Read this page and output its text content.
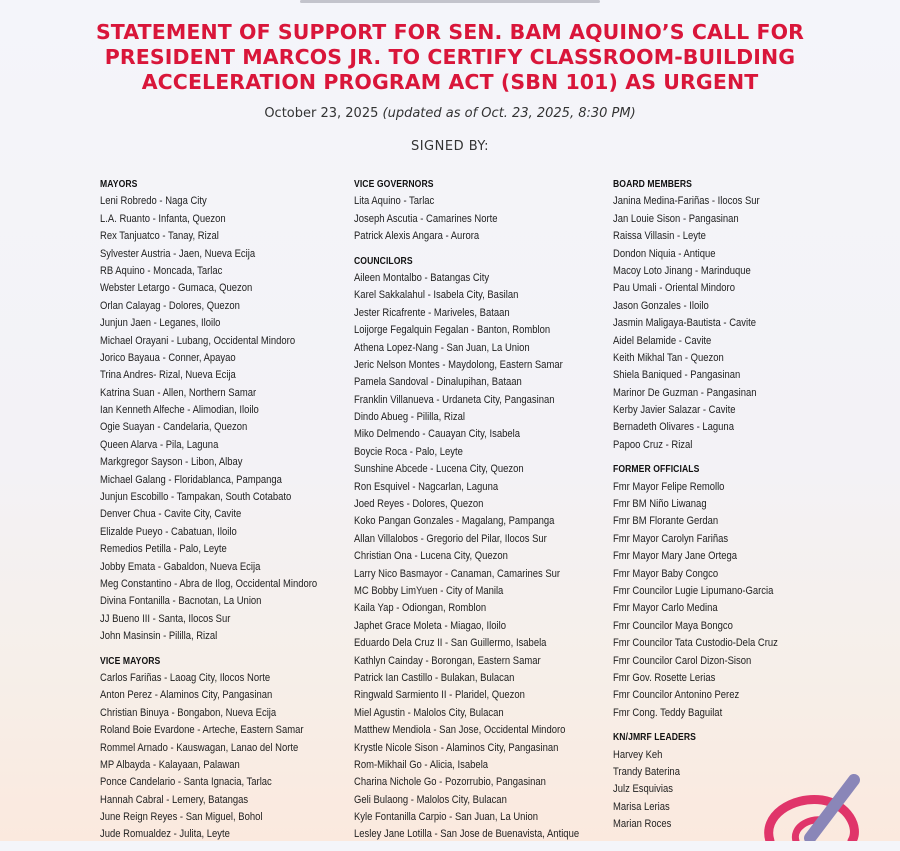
STATEMENT OF SUPPORT FOR SEN. BAM AQUINO’S CALL FOR
PRESIDENT MARCOS JR. TO CERTIFY CLASSROOM-BUILDING
ACCELERATION PROGRAM ACT (SBN 101) AS URGENT
October 23, 2025 (updated as of Oct. 23, 2025, 8:30 PM)
SIGNED BY:
MAYORS
Leni Robredo - Naga City
L.A. Ruanto - Infanta, Quezon
Rex Tanjuatco - Tanay, Rizal
Sylvester Austria - Jaen, Nueva Ecija
RB Aquino - Moncada, Tarlac
Webster Letargo - Gumaca, Quezon
Orlan Calayag - Dolores, Quezon
Junjun Jaen - Leganes, Iloilo
Michael Orayani - Lubang, Occidental Mindoro
Jorico Bayaua - Conner, Apayao
Trina Andres- Rizal, Nueva Ecija
Katrina Suan - Allen, Northern Samar
Ian Kenneth Alfeche - Alimodian, Iloilo
Ogie Suayan - Candelaria, Quezon
Queen Alarva - Pila, Laguna
Markgregor Sayson - Libon, Albay
Michael Galang - Floridablanca, Pampanga
Junjun Escobillo - Tampakan, South Cotabato
Denver Chua - Cavite City, Cavite
Elizalde Pueyo - Cabatuan, Iloilo
Remedios Petilla - Palo, Leyte
Jobby Emata - Gabaldon, Nueva Ecija
Meg Constantino - Abra de Ilog, Occidental Mindoro
Divina Fontanilla - Bacnotan, La Union
JJ Bueno III - Santa, Ilocos Sur
John Masinsin - Pililla, Rizal
VICE MAYORS
Carlos Fariñas - Laoag City, Ilocos Norte
Anton Perez - Alaminos City, Pangasinan
Christian Binuya - Bongabon, Nueva Ecija
Roland Boie Evardone - Arteche, Eastern Samar
Rommel Arnado - Kauswagan, Lanao del Norte
MP Albayda - Kalayaan, Palawan
Ponce Candelario - Santa Ignacia, Tarlac
Hannah Cabral - Lemery, Batangas
June Reign Reyes - San Miguel, Bohol
Jude Romualdez - Julita, Leyte
VICE GOVERNORS
Lita Aquino - Tarlac
Joseph Ascutia - Camarines Norte
Patrick Alexis Angara - Aurora
COUNCILORS
Aileen Montalbo - Batangas City
Karel Sakkalahul - Isabela City, Basilan
Jester Ricafrente - Mariveles, Bataan
Loijorge Fegalquin Fegalan - Banton, Romblon
Athena Lopez-Nang - San Juan, La Union
Jeric Nelson Montes - Maydolong, Eastern Samar
Pamela Sandoval - Dinalupihan, Bataan
Franklin Villanueva - Urdaneta City, Pangasinan
Dindo Abueg - Pililla, Rizal
Miko Delmendo - Cauayan City, Isabela
Boycie Roca - Palo, Leyte
Sunshine Abcede - Lucena City, Quezon
Ron Esquivel - Nagcarlan, Laguna
Joed Reyes - Dolores, Quezon
Koko Pangan Gonzales - Magalang, Pampanga
Allan Villalobos - Gregorio del Pilar, Ilocos Sur
Christian Ona - Lucena City, Quezon
Larry Nico Basmayor - Canaman, Camarines Sur
MC Bobby LimYuen - City of Manila
Kaila Yap - Odiongan, Romblon
Japhet Grace Moleta - Miagao, Iloilo
Eduardo Dela Cruz II - San Guillermo, Isabela
Kathlyn Cainday - Borongan, Eastern Samar
Patrick Ian Castillo - Bulakan, Bulacan
Ringwald Sarmiento II - Plaridel, Quezon
Miel Agustin - Malolos City, Bulacan
Matthew Mendiola - San Jose, Occidental Mindoro
Krystle Nicole Sison - Alaminos City, Pangasinan
Rom-Mikhail Go - Alicia, Isabela
Charina Nichole Go - Pozorrubio, Pangasinan
Geli Bulaong - Malolos City, Bulacan
Kyle Fontanilla Carpio - San Juan, La Union
Lesley Jane Lotilla - San Jose de Buenavista, Antique
BOARD MEMBERS
Janina Medina-Fariñas - Ilocos Sur
Jan Louie Sison - Pangasinan
Raissa Villasin - Leyte
Dondon Niquia - Antique
Macoy Loto Jinang - Marinduque
Pau Umali - Oriental Mindoro
Jason Gonzales - Iloilo
Jasmin Maligaya-Bautista - Cavite
Aidel Belamide - Cavite
Keith Mikhal Tan - Quezon
Shiela Baniqued - Pangasinan
Marinor De Guzman - Pangasinan
Kerby Javier Salazar - Cavite
Bernadeth Olivares - Laguna
Papoo Cruz - Rizal
FORMER OFFICIALS
Fmr Mayor Felipe Remollo
Fmr BM Niño Liwanag
Fmr BM Florante Gerdan
Fmr Mayor Carolyn Fariñas
Fmr Mayor Mary Jane Ortega
Fmr Mayor Baby Congco
Fmr Councilor Lugie Lipumano-Garcia
Fmr Mayor Carlo Medina
Fmr Councilor Maya Bongco
Fmr Councilor Tata Custodio-Dela Cruz
Fmr Councilor Carol Dizon-Sison
Fmr Gov. Rosette Lerias
Fmr Councilor Antonino Perez
Fmr Cong. Teddy Baguilat
KN/JMRF LEADERS
Harvey Keh
Trandy Baterina
Julz Esquivias
Marisa Lerias
Marian Roces
